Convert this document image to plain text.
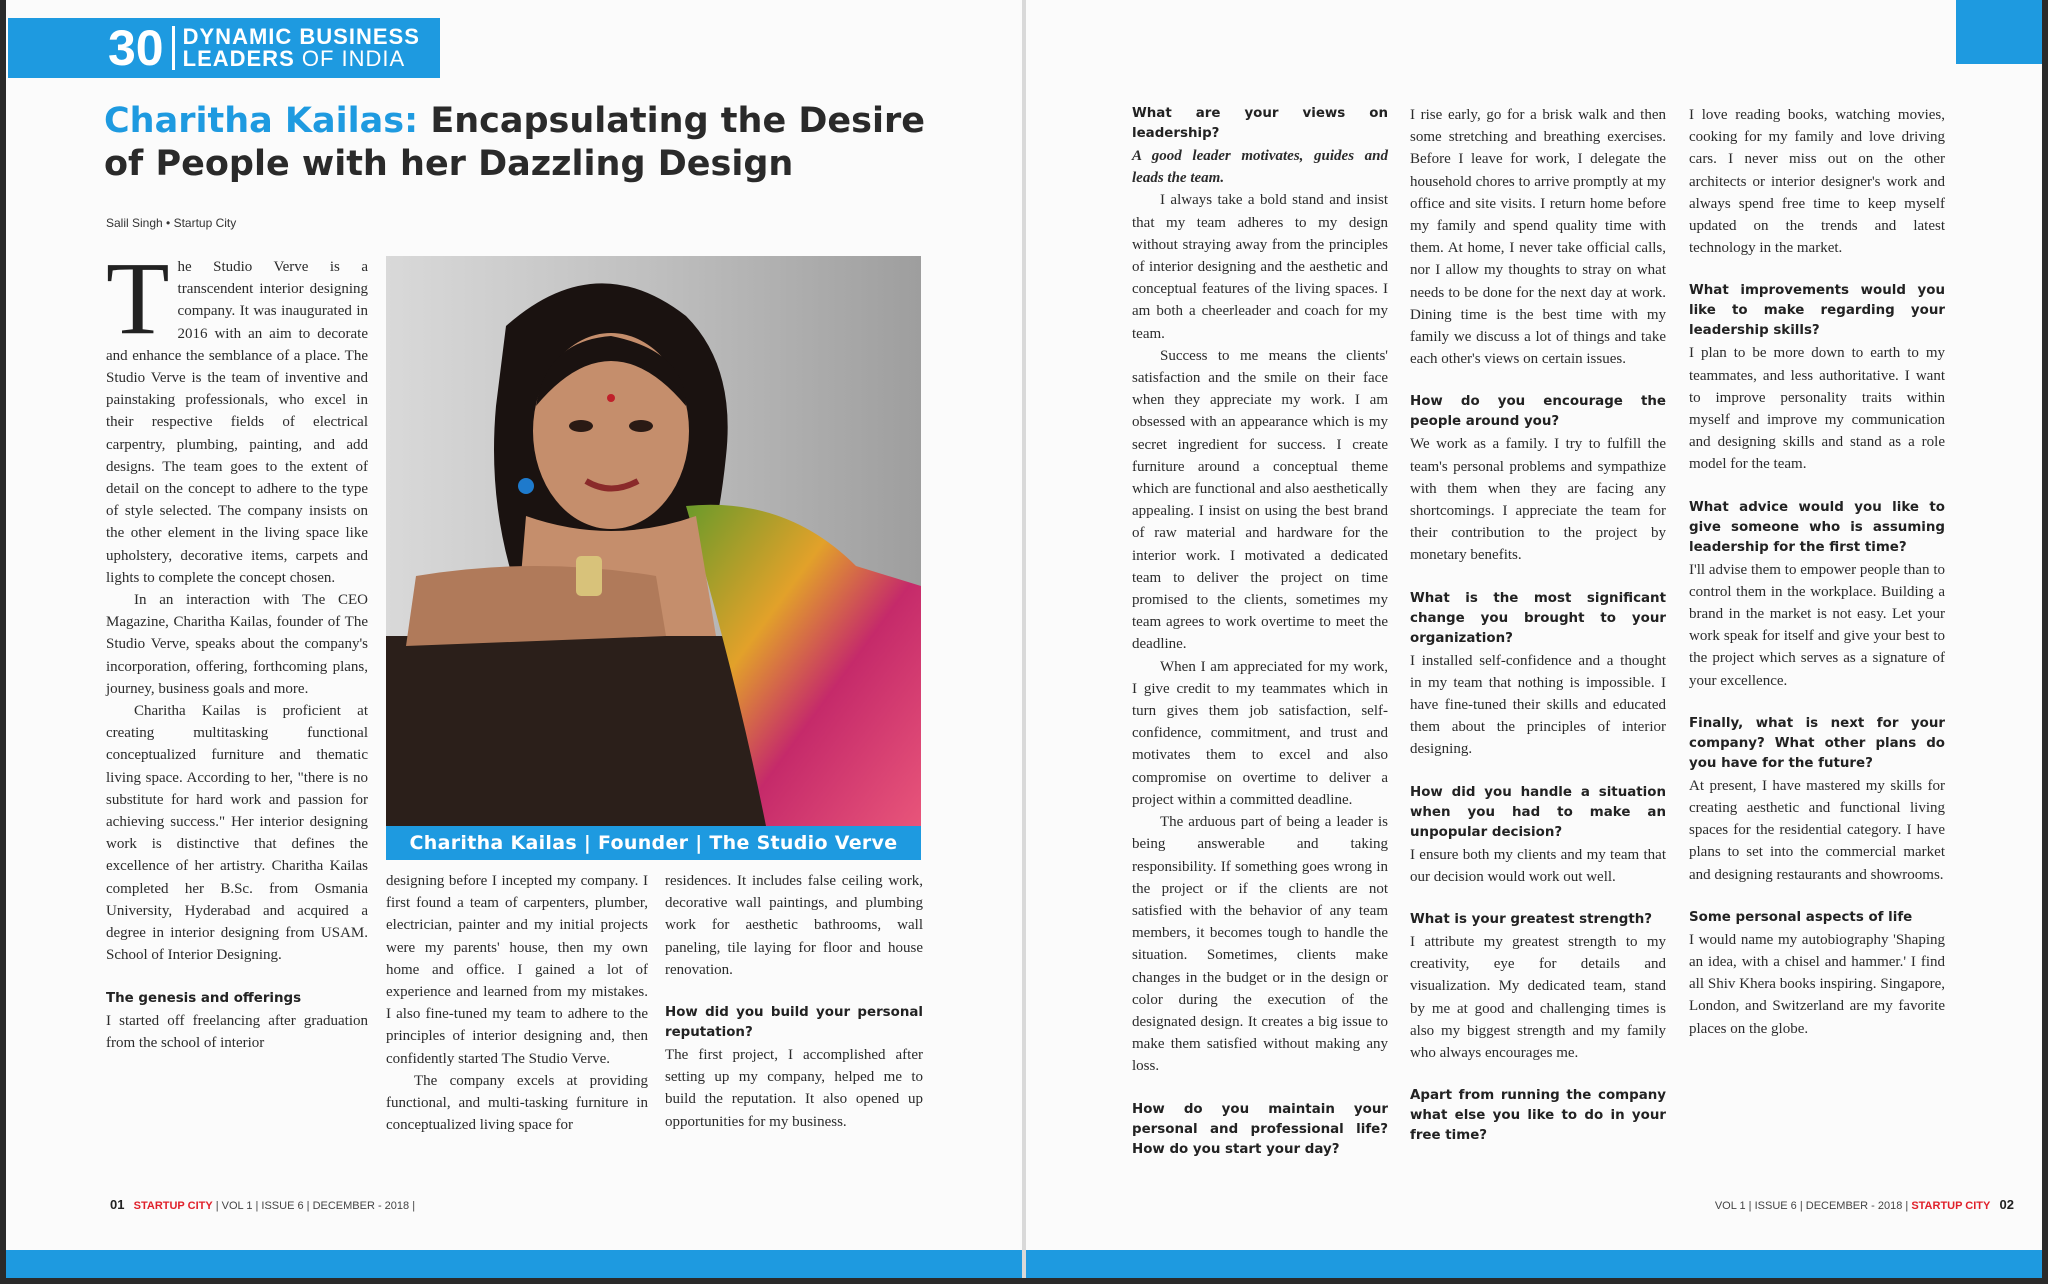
30 DYNAMIC BUSINESS
LEADERS OF INDIA
Charitha Kailas: Encapsulating the Desire of People with her Dazzling Design
Salil Singh • Startup City

The Studio Verve is a transcendent interior designing company. It was inaugurated in 2016 with an aim to decorate and enhance the semblance of a place. The Studio Verve is the team of inventive and painstaking professionals, who excel in their respective fields of electrical carpentry, plumbing, painting, and add designs. The team goes to the extent of detail on the concept to adhere to the type of style selected. The company insists on the other element in the living space like upholstery, decorative items, carpets and lights to complete the concept chosen.

In an interaction with The CEO Magazine, Charitha Kailas, founder of The Studio Verve, speaks about the company's incorporation, offering, forthcoming plans, journey, business goals and more.

Charitha Kailas is proficient at creating multitasking functional conceptualized furniture and thematic living space. According to her, "there is no substitute for hard work and passion for achieving success." Her interior designing work is distinctive that defines the excellence of her artistry. Charitha Kailas completed her B.Sc. from Osmania University, Hyderabad and acquired a degree in interior designing from USAM. School of Interior Designing.

The genesis and offerings

I started off freelancing after graduation from the school of interior

Charitha Kailas | Founder | The Studio Verve

designing before I incepted my company. I first found a team of carpenters, plumber, electrician, painter and my initial projects were my parents' house, then my own home and office. I gained a lot of experience and learned from my mistakes. I also fine-tuned my team to adhere to the principles of interior designing and, then confidently started The Studio Verve.

The company excels at providing functional, and multi-tasking furniture in conceptualized living space for

residences. It includes false ceiling work, decorative wall paintings, and plumbing work for aesthetic bathrooms, wall paneling, tile laying for floor and house renovation.

How did you build your personal reputation?

The first project, I accomplished after setting up my company, helped me to build the reputation. It also opened up opportunities for my business.

01 STARTUP CITY | VOL 1 | ISSUE 6 | DECEMBER - 2018 |
What are your views on leadership?

A good leader motivates, guides and leads the team.

I always take a bold stand and insist that my team adheres to my design without straying away from the principles of interior designing and the aesthetic and conceptual features of the living spaces. I am both a cheerleader and coach for my team.

Success to me means the clients' satisfaction and the smile on their face when they appreciate my work. I am obsessed with an appearance which is my secret ingredient for success. I create furniture around a conceptual theme which are functional and also aesthetically appealing. I insist on using the best brand of raw material and hardware for the interior work. I motivated a dedicated team to deliver the project on time promised to the clients, sometimes my team agrees to work overtime to meet the deadline.

When I am appreciated for my work, I give credit to my teammates which in turn gives them job satisfaction, self-confidence, commitment, and trust and motivates them to excel and also compromise on overtime to deliver a project within a committed deadline.

The arduous part of being a leader is being answerable and taking responsibility. If something goes wrong in the project or if the clients are not satisfied with the behavior of any team members, it becomes tough to handle the situation. Sometimes, clients make changes in the budget or in the design or color during the execution of the designated design. It creates a big issue to make them satisfied without making any loss.

How do you maintain your personal and professional life? How do you start your day?

I rise early, go for a brisk walk and then some stretching and breathing exercises. Before I leave for work, I delegate the household chores to arrive promptly at my office and site visits. I return home before my family and spend quality time with them. At home, I never take official calls, nor I allow my thoughts to stray on what needs to be done for the next day at work. Dining time is the best time with my family we discuss a lot of things and take each other's views on certain issues.

How do you encourage the people around you?

We work as a family. I try to fulfill the team's personal problems and sympathize with them when they are facing any shortcomings. I appreciate the team for their contribution to the project by monetary benefits.

What is the most significant change you brought to your organization?

I installed self-confidence and a thought in my team that nothing is impossible. I have fine-tuned their skills and educated them about the principles of interior designing.

How did you handle a situation when you had to make an unpopular decision?

I ensure both my clients and my team that our decision would work out well.

What is your greatest strength?

I attribute my greatest strength to my creativity, eye for details and visualization. My dedicated team, stand by me at good and challenging times is also my biggest strength and my family who always encourages me.

Apart from running the company what else you like to do in your free time?

I love reading books, watching movies, cooking for my family and love driving cars. I never miss out on the other architects or interior designer's work and always spend free time to keep myself updated on the trends and latest technology in the market.

What improvements would you like to make regarding your leadership skills?

I plan to be more down to earth to my teammates, and less authoritative. I want to improve personality traits within myself and improve my communication and designing skills and stand as a role model for the team.

What advice would you like to give someone who is assuming leadership for the first time?

I'll advise them to empower people than to control them in the workplace. Building a brand in the market is not easy. Let your work speak for itself and give your best to the project which serves as a signature of your excellence.

Finally, what is next for your company? What other plans do you have for the future?

At present, I have mastered my skills for creating aesthetic and functional living spaces for the residential category. I have plans to set into the commercial market and designing restaurants and showrooms.

Some personal aspects of life

I would name my autobiography 'Shaping an idea, with a chisel and hammer.' I find all Shiv Khera books inspiring. Singapore, London, and Switzerland are my favorite places on the globe.

VOL 1 | ISSUE 6 | DECEMBER - 2018 | STARTUP CITY 02
